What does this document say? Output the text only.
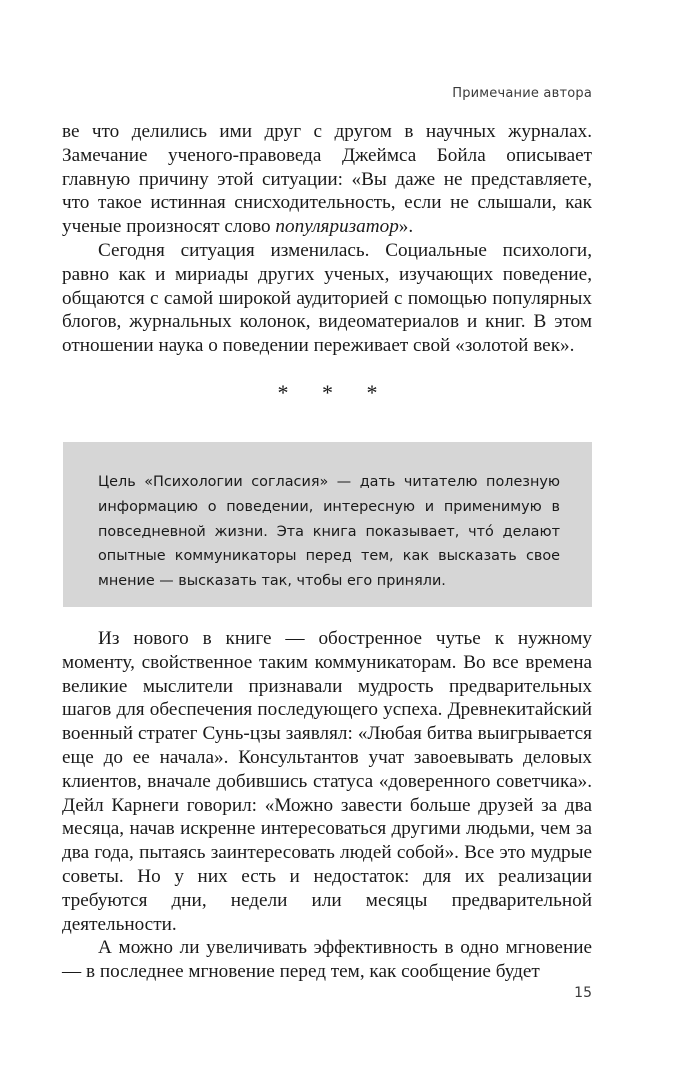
Примечание автора

ве что делились ими друг с другом в научных журналах. Замечание ученого-правоведа Джеймса Бойла описывает главную причину этой ситуации: «Вы даже не представляете, что такое истинная снисходительность, если не слышали, как ученые произносят слово популяризатор».

Сегодня ситуация изменилась. Социальные психологи, равно как и мириады других ученых, изучающих поведение, общаются с самой широкой аудиторией с помощью популярных блогов, журнальных колонок, видеоматериалов и книг. В этом отношении наука о поведении переживает свой «золотой век».

* * *

Цель «Психологии согласия» — дать читателю полезную информацию о поведении, интересную и применимую в повседневной жизни. Эта книга показывает, что́ делают опытные коммуникаторы перед тем, как высказать свое мнение — высказать так, чтобы его приняли.

Из нового в книге — обостренное чутье к нужному моменту, свойственное таким коммуникаторам. Во все времена великие мыслители признавали мудрость предварительных шагов для обеспечения последующего успеха. Древнекитайский военный стратег Сунь-цзы заявлял: «Любая битва выигрывается еще до ее начала». Консультантов учат завоевывать деловых клиентов, вначале добившись статуса «доверенного советчика». Дейл Карнеги говорил: «Можно завести больше друзей за два месяца, начав искренне интересоваться другими людьми, чем за два года, пытаясь заинтересовать людей собой». Все это мудрые советы. Но у них есть и недостаток: для их реализации требуются дни, недели или месяцы предварительной деятельности.

А можно ли увеличивать эффективность в одно мгновение — в последнее мгновение перед тем, как сообщение будет

15
